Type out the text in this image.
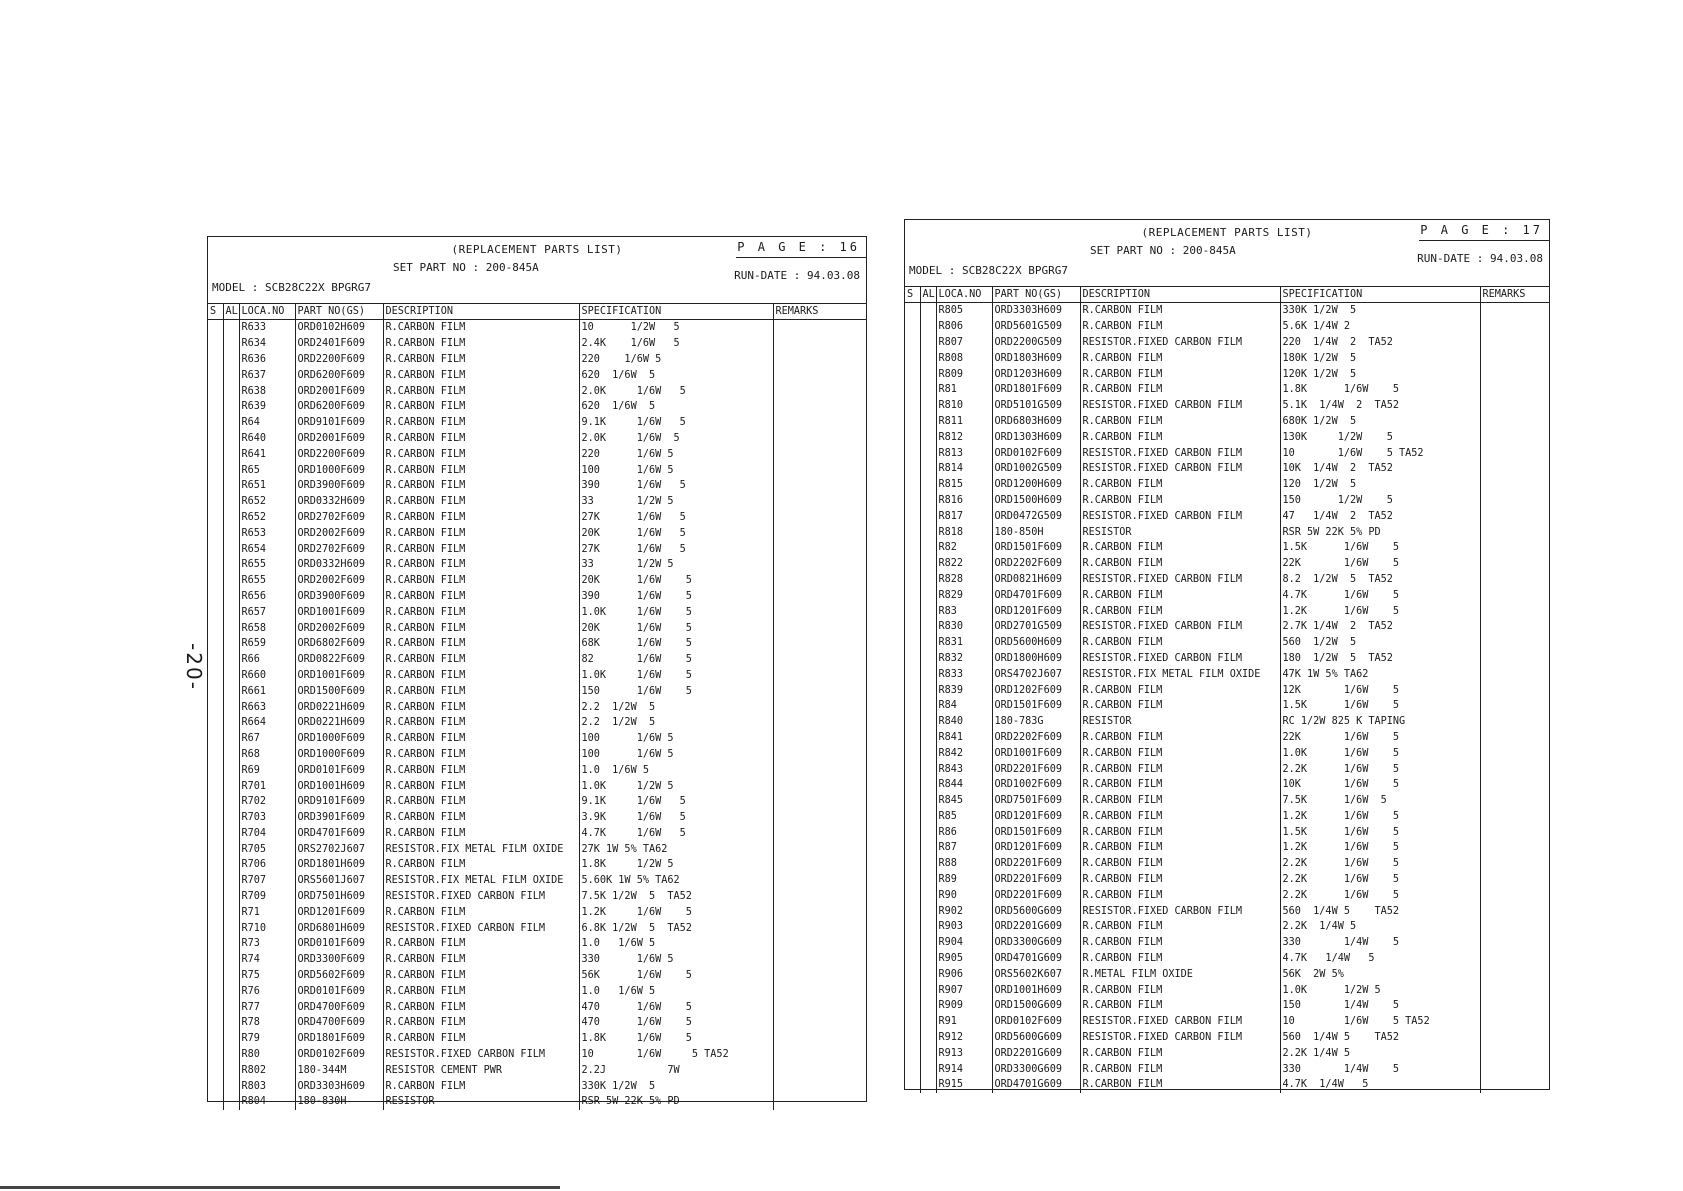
-20-
(REPLACEMENT PARTS LIST)	P A G E : 16
SET PART NO : 200-845A
RUN-DATE : 94.03.08
MODEL : SCB28C22X BPGRG7
S	AL	LOCA.NO	PART NO(GS)	DESCRIPTION	SPECIFICATION	REMARKS
		R633	ORD0102H609	R.CARBON FILM	10      1/2W   5	
		R634	ORD2401F609	R.CARBON FILM	2.4K    1/6W   5	
		R636	ORD2200F609	R.CARBON FILM	220    1/6W 5	
		R637	ORD6200F609	R.CARBON FILM	620  1/6W  5	
		R638	ORD2001F609	R.CARBON FILM	2.0K     1/6W   5	
		R639	ORD6200F609	R.CARBON FILM	620  1/6W  5	
		R64	ORD9101F609	R.CARBON FILM	9.1K     1/6W   5	
		R640	ORD2001F609	R.CARBON FILM	2.0K     1/6W  5	
		R641	ORD2200F609	R.CARBON FILM	220      1/6W 5	
		R65	ORD1000F609	R.CARBON FILM	100      1/6W 5	
		R651	ORD3900F609	R.CARBON FILM	390      1/6W   5	
		R652	ORD0332H609	R.CARBON FILM	33       1/2W 5	
		R652	ORD2702F609	R.CARBON FILM	27K      1/6W   5	
		R653	ORD2002F609	R.CARBON FILM	20K      1/6W   5	
		R654	ORD2702F609	R.CARBON FILM	27K      1/6W   5	
		R655	ORD0332H609	R.CARBON FILM	33       1/2W 5	
		R655	ORD2002F609	R.CARBON FILM	20K      1/6W    5	
		R656	ORD3900F609	R.CARBON FILM	390      1/6W    5	
		R657	ORD1001F609	R.CARBON FILM	1.0K     1/6W    5	
		R658	ORD2002F609	R.CARBON FILM	20K      1/6W    5	
		R659	ORD6802F609	R.CARBON FILM	68K      1/6W    5	
		R66	ORD0822F609	R.CARBON FILM	82       1/6W    5	
		R660	ORD1001F609	R.CARBON FILM	1.0K     1/6W    5	
		R661	ORD1500F609	R.CARBON FILM	150      1/6W    5	
		R663	ORD0221H609	R.CARBON FILM	2.2  1/2W  5	
		R664	ORD0221H609	R.CARBON FILM	2.2  1/2W  5	
		R67	ORD1000F609	R.CARBON FILM	100      1/6W 5	
		R68	ORD1000F609	R.CARBON FILM	100      1/6W 5	
		R69	ORD0101F609	R.CARBON FILM	1.0  1/6W 5	
		R701	ORD1001H609	R.CARBON FILM	1.0K     1/2W 5	
		R702	ORD9101F609	R.CARBON FILM	9.1K     1/6W   5	
		R703	ORD3901F609	R.CARBON FILM	3.9K     1/6W   5	
		R704	ORD4701F609	R.CARBON FILM	4.7K     1/6W   5	
		R705	ORS2702J607	RESISTOR.FIX METAL FILM OXIDE	27K 1W 5% TA62	
		R706	ORD1801H609	R.CARBON FILM	1.8K     1/2W 5	
		R707	ORS5601J607	RESISTOR.FIX METAL FILM OXIDE	5.60K 1W 5% TA62	
		R709	ORD7501H609	RESISTOR.FIXED CARBON FILM	7.5K 1/2W  5  TA52	
		R71	ORD1201F609	R.CARBON FILM	1.2K     1/6W    5	
		R710	ORD6801H609	RESISTOR.FIXED CARBON FILM	6.8K 1/2W  5  TA52	
		R73	ORD0101F609	R.CARBON FILM	1.0   1/6W 5	
		R74	ORD3300F609	R.CARBON FILM	330      1/6W 5	
		R75	ORD5602F609	R.CARBON FILM	56K      1/6W    5	
		R76	ORD0101F609	R.CARBON FILM	1.0   1/6W 5	
		R77	ORD4700F609	R.CARBON FILM	470      1/6W    5	
		R78	ORD4700F609	R.CARBON FILM	470      1/6W    5	
		R79	ORD1801F609	R.CARBON FILM	1.8K     1/6W    5	
		R80	ORD0102F609	RESISTOR.FIXED CARBON FILM	10       1/6W     5 TA52	
		R802	180-344M	RESISTOR CEMENT PWR	2.2J          7W	
		R803	ORD3303H609	R.CARBON FILM	330K 1/2W  5	
		R804	180-830H	RESISTOR	RSR 5W 22K 5% PD	
(REPLACEMENT PARTS LIST)	P A G E : 17
SET PART NO : 200-845A
RUN-DATE : 94.03.08
MODEL : SCB28C22X BPGRG7
S	AL	LOCA.NO	PART NO(GS)	DESCRIPTION	SPECIFICATION	REMARKS
		R805	ORD3303H609	R.CARBON FILM	330K 1/2W  5	
		R806	ORD5601G509	R.CARBON FILM	5.6K 1/4W 2	
		R807	ORD2200G509	RESISTOR.FIXED CARBON FILM	220  1/4W  2  TA52	
		R808	ORD1803H609	R.CARBON FILM	180K 1/2W  5	
		R809	ORD1203H609	R.CARBON FILM	120K 1/2W  5	
		R81	ORD1801F609	R.CARBON FILM	1.8K      1/6W    5	
		R810	ORD5101G509	RESISTOR.FIXED CARBON FILM	5.1K  1/4W  2  TA52	
		R811	ORD6803H609	R.CARBON FILM	680K 1/2W  5	
		R812	ORD1303H609	R.CARBON FILM	130K     1/2W    5	
		R813	ORD0102F609	RESISTOR.FIXED CARBON FILM	10       1/6W    5 TA52	
		R814	ORD1002G509	RESISTOR.FIXED CARBON FILM	10K  1/4W  2  TA52	
		R815	ORD1200H609	R.CARBON FILM	120  1/2W  5	
		R816	ORD1500H609	R.CARBON FILM	150      1/2W    5	
		R817	ORD0472G509	RESISTOR.FIXED CARBON FILM	47   1/4W  2  TA52	
		R818	180-850H	RESISTOR	RSR 5W 22K 5% PD	
		R82	ORD1501F609	R.CARBON FILM	1.5K      1/6W    5	
		R822	ORD2202F609	R.CARBON FILM	22K       1/6W    5	
		R828	ORD0821H609	RESISTOR.FIXED CARBON FILM	8.2  1/2W  5  TA52	
		R829	ORD4701F609	R.CARBON FILM	4.7K      1/6W    5	
		R83	ORD1201F609	R.CARBON FILM	1.2K      1/6W    5	
		R830	ORD2701G509	RESISTOR.FIXED CARBON FILM	2.7K 1/4W  2  TA52	
		R831	ORD5600H609	R.CARBON FILM	560  1/2W  5	
		R832	ORD1800H609	RESISTOR.FIXED CARBON FILM	180  1/2W  5  TA52	
		R833	ORS4702J607	RESISTOR.FIX METAL FILM OXIDE	47K 1W 5% TA62	
		R839	ORD1202F609	R.CARBON FILM	12K       1/6W    5	
		R84	ORD1501F609	R.CARBON FILM	1.5K      1/6W    5	
		R840	180-783G	RESISTOR	RC 1/2W 825 K TAPING	
		R841	ORD2202F609	R.CARBON FILM	22K       1/6W    5	
		R842	ORD1001F609	R.CARBON FILM	1.0K      1/6W    5	
		R843	ORD2201F609	R.CARBON FILM	2.2K      1/6W    5	
		R844	ORD1002F609	R.CARBON FILM	10K       1/6W    5	
		R845	ORD7501F609	R.CARBON FILM	7.5K      1/6W  5	
		R85	ORD1201F609	R.CARBON FILM	1.2K      1/6W    5	
		R86	ORD1501F609	R.CARBON FILM	1.5K      1/6W    5	
		R87	ORD1201F609	R.CARBON FILM	1.2K      1/6W    5	
		R88	ORD2201F609	R.CARBON FILM	2.2K      1/6W    5	
		R89	ORD2201F609	R.CARBON FILM	2.2K      1/6W    5	
		R90	ORD2201F609	R.CARBON FILM	2.2K      1/6W    5	
		R902	ORD5600G609	RESISTOR.FIXED CARBON FILM	560  1/4W 5    TA52	
		R903	ORD2201G609	R.CARBON FILM	2.2K  1/4W 5	
		R904	ORD3300G609	R.CARBON FILM	330       1/4W    5	
		R905	ORD4701G609	R.CARBON FILM	4.7K   1/4W   5	
		R906	ORS5602K607	R.METAL FILM OXIDE	56K  2W 5%	
		R907	ORD1001H609	R.CARBON FILM	1.0K      1/2W 5	
		R909	ORD1500G609	R.CARBON FILM	150       1/4W    5	
		R91	ORD0102F609	RESISTOR.FIXED CARBON FILM	10        1/6W    5 TA52	
		R912	ORD5600G609	RESISTOR.FIXED CARBON FILM	560  1/4W 5    TA52	
		R913	ORD2201G609	R.CARBON FILM	2.2K 1/4W 5	
		R914	ORD3300G609	R.CARBON FILM	330       1/4W    5	
		R915	ORD4701G609	R.CARBON FILM	4.7K  1/4W   5	
